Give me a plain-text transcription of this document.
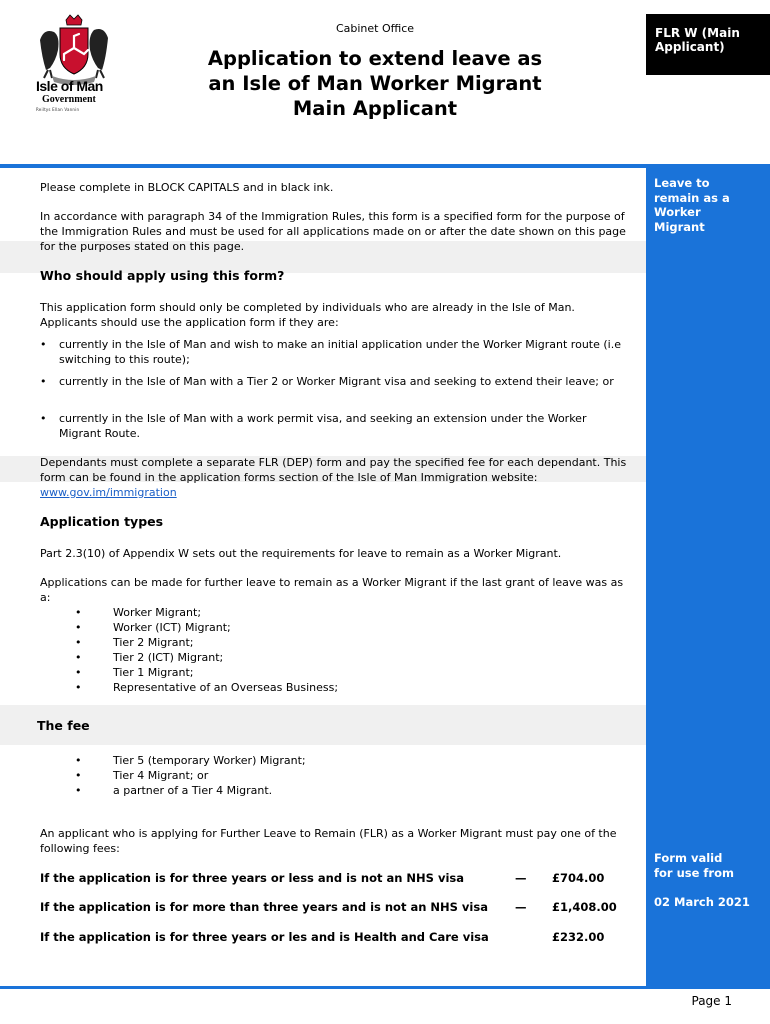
Isle of Man
Government
Reiltys Ellan Vannin
Cabinet Office
Application to extend leave as
an Isle of Man Worker Migrant
Main Applicant
FLR W (Main Applicant)
Leave to remain as a Worker Migrant
Form valid for use from
02 March 2021
Please complete in BLOCK CAPITALS and in black ink.
In accordance with paragraph 34 of the Immigration Rules, this form is a specified form for the purpose of the Immigration Rules and must be used for all applications made on or after the date shown on this page for the purposes stated on this page.
Who should apply using this form?
This application form should only be completed by individuals who are already in the Isle of Man. Applicants should use the application form if they are:
• currently in the Isle of Man and wish to make an initial application under the Worker Migrant route (i.e switching to this route);
• currently in the Isle of Man with a Tier 2 or Worker Migrant visa and seeking to extend their leave; or
• currently in the Isle of Man with a work permit visa, and seeking an extension under the Worker Migrant Route.
Dependants must complete a separate FLR (DEP) form and pay the specified fee for each dependant. This form can be found in the application forms section of the Isle of Man Immigration website:
www.gov.im/immigration
Application types
Part 2.3(10) of Appendix W sets out the requirements for leave to remain as a Worker Migrant.
Applications can be made for further leave to remain as a Worker Migrant if the last grant of leave was as a:
• Worker Migrant;
• Worker (ICT) Migrant;
• Tier 2 Migrant;
• Tier 2 (ICT) Migrant;
• Tier 1 Migrant;
• Representative of an Overseas Business;
The fee
• Tier 5 (temporary Worker) Migrant;
• Tier 4 Migrant; or
• a partner of a Tier 4 Migrant.
An applicant who is applying for Further Leave to Remain (FLR) as a Worker Migrant must pay one of the following fees:
If the application is for three years or less and is not an NHS visa	— £704.00
If the application is for more than three years and is not an NHS visa — £1,408.00
If the application is for three years or les and is Health and Care visa	£232.00
Page 1
